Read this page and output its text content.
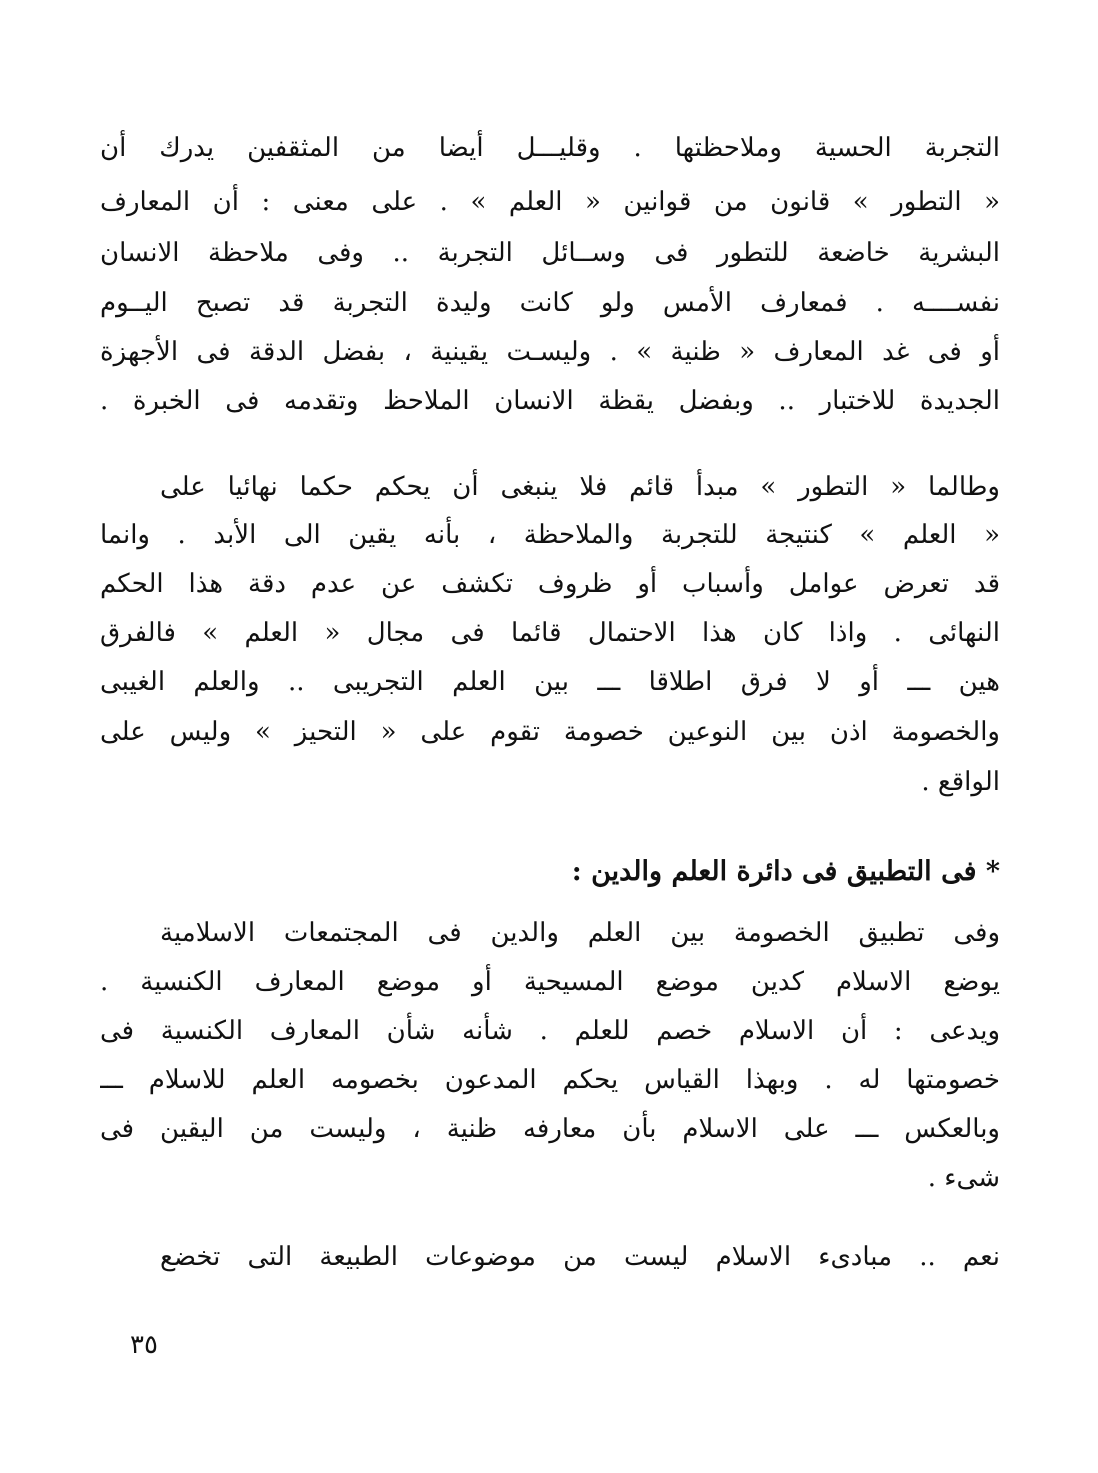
التجربة الحسية وملاحظتها . وقليـــل أيضا من المثقفين يدرك أن
« التطور » قانون من قوانين « العلم » . على معنى : أن المعارف
البشرية خاضعة للتطور فى وســائل التجربة .. وفى ملاحظة الانسان
نفســــه . فمعارف الأمس ولو كانت وليدة التجربة قد تصبح اليــوم
أو فى غد المعارف « ظنية » . وليسـت يقينية ، بفضل الدقة فى الأجهزة
الجديدة للاختبار .. وبفضل يقظة الانسان الملاحظ وتقدمه فى الخبرة .
وطالما « التطور » مبدأ قائم فلا ينبغى أن يحكم حكما نهائيا على
« العلم » كنتيجة للتجربة والملاحظة ، بأنه يقين الى الأبد . وانما
قد تعرض عوامل وأسباب أو ظروف تكشف عن عدم دقة هذا الحكم
النهائى . واذا كان هذا الاحتمال قائما فى مجال « العلم » فالفرق
هين ـــ أو لا فرق اطلاقا ـــ بين العلم التجريبى .. والعلم الغيبى
والخصومة اذن بين النوعين خصومة تقوم على « التحيز » وليس على
الواقع .
* فى التطبيق فى دائرة العلم والدين :
وفى تطبيق الخصومة بين العلم والدين فى المجتمعات الاسلامية
يوضع الاسلام كدين موضع المسيحية أو موضع المعارف الكنسية .
ويدعى : أن الاسلام خصم للعلم . شأنه شأن المعارف الكنسية فى
خصومتها له . وبهذا القياس يحكم المدعون بخصومه العلم للاسلام ـــ
وبالعكس ـــ على الاسلام بأن معارفه ظنية ، وليست من اليقين فى
شىء .
نعم .. مبادىء الاسلام ليست من موضوعات الطبيعة التى تخضع
٣٥
